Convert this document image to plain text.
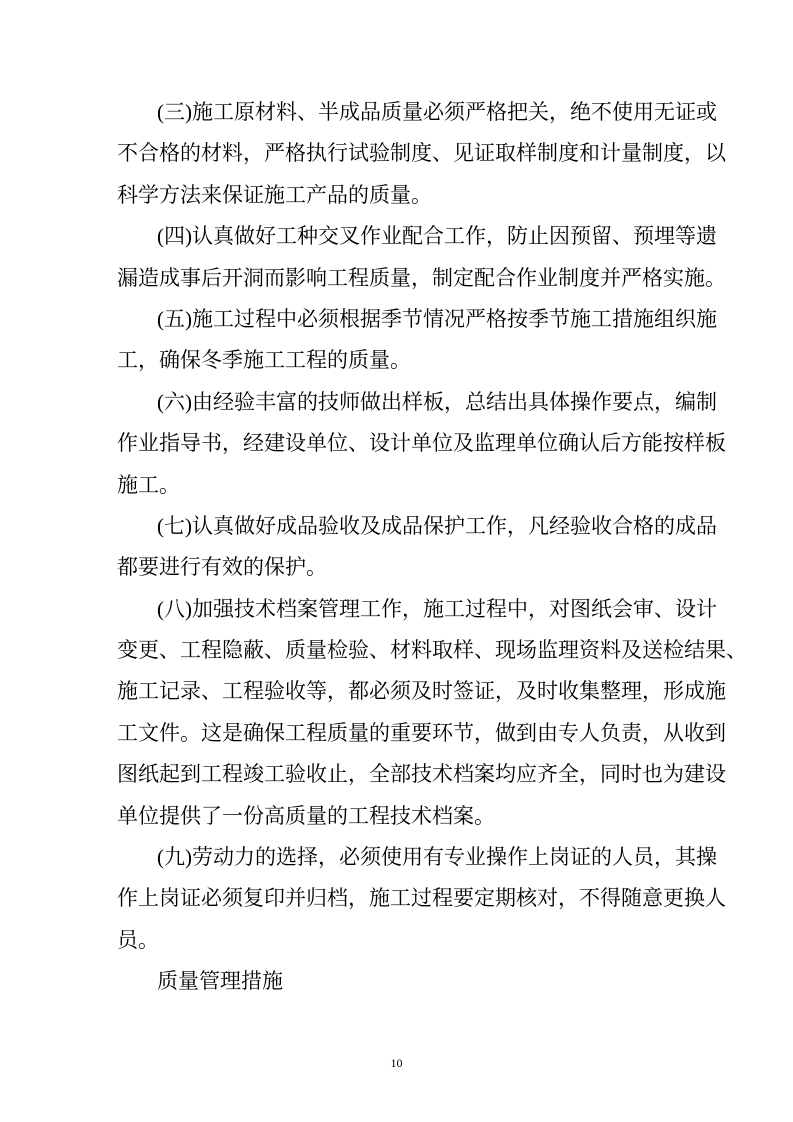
(三)施工原材料、半成品质量必须严格把关，绝不使用无证或
不合格的材料，严格执行试验制度、见证取样制度和计量制度，以
科学方法来保证施工产品的质量。
(四)认真做好工种交叉作业配合工作，防止因预留、预埋等遗
漏造成事后开洞而影响工程质量，制定配合作业制度并严格实施。
(五)施工过程中必须根据季节情况严格按季节施工措施组织施
工，确保冬季施工工程的质量。
(六)由经验丰富的技师做出样板，总结出具体操作要点，编制
作业指导书，经建设单位、设计单位及监理单位确认后方能按样板
施工。
(七)认真做好成品验收及成品保护工作，凡经验收合格的成品
都要进行有效的保护。
(八)加强技术档案管理工作，施工过程中，对图纸会审、设计
变更、工程隐蔽、质量检验、材料取样、现场监理资料及送检结果、
施工记录、工程验收等，都必须及时签证，及时收集整理，形成施
工文件。这是确保工程质量的重要环节，做到由专人负责，从收到
图纸起到工程竣工验收止，全部技术档案均应齐全，同时也为建设
单位提供了一份高质量的工程技术档案。
(九)劳动力的选择，必须使用有专业操作上岗证的人员，其操
作上岗证必须复印并归档，施工过程要定期核对，不得随意更换人
员。
质量管理措施
10
